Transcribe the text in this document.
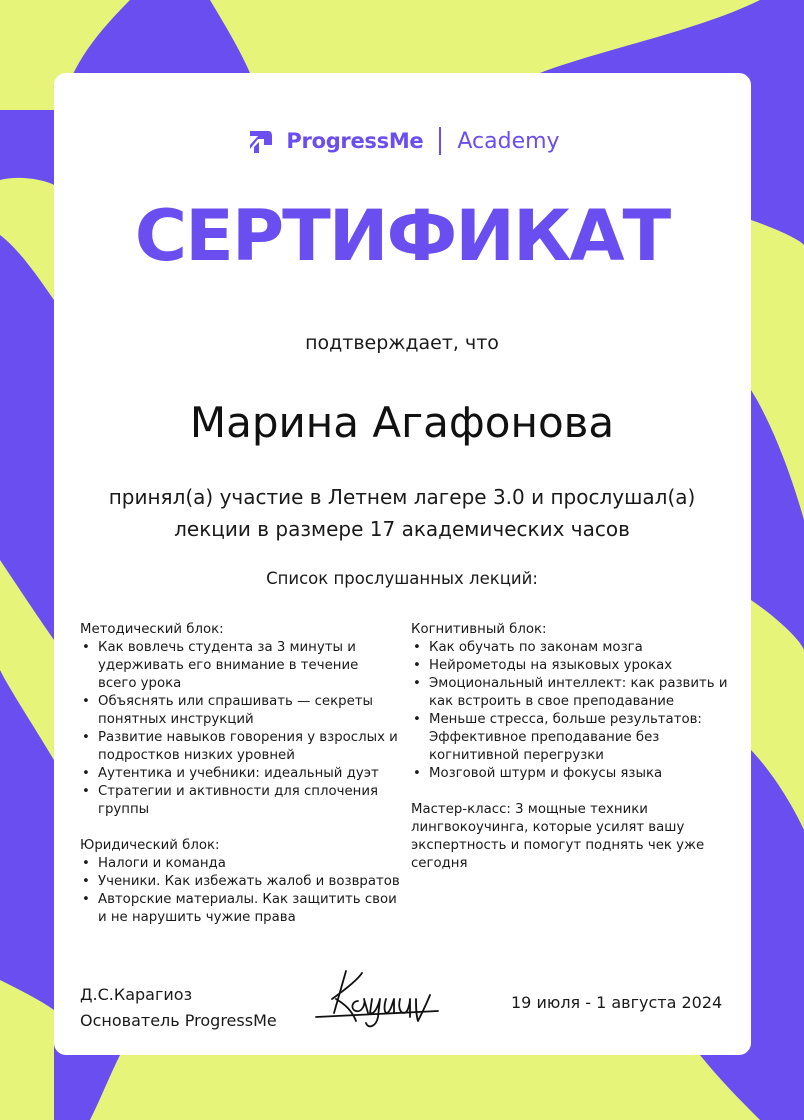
ProgressMe Academy
СЕРТИФИКАТ
подтверждает, что
Марина Агафонова
принял(а) участие в Летнем лагере 3.0 и прослушал(а)
лекции в размере 17 академических часов
Список прослушанных лекций:
Методический блок:
• Как вовлечь студента за 3 минуты и удерживать его внимание в течение всего урока
• Объяснять или спрашивать — секреты понятных инструкций
• Развитие навыков говорения у взрослых и подростков низких уровней
• Аутентика и учебники: идеальный дуэт
• Стратегии и активности для сплочения группы
Юридический блок:
• Налоги и команда
• Ученики. Как избежать жалоб и возвратов
• Авторские материалы. Как защитить свои и не нарушить чужие права
Когнитивный блок:
• Как обучать по законам мозга
• Нейрометоды на языковых уроках
• Эмоциональный интеллект: как развить и как встроить в свое преподавание
• Меньше стресса, больше результатов: Эффективное преподавание без когнитивной перегрузки
• Мозговой штурм и фокусы языка
Мастер-класс: 3 мощные техники лингвокоучинга, которые усилят вашу экспертность и помогут поднять чек уже сегодня
Д.С.Карагиоз
Основатель ProgressMe
19 июля - 1 августа 2024
